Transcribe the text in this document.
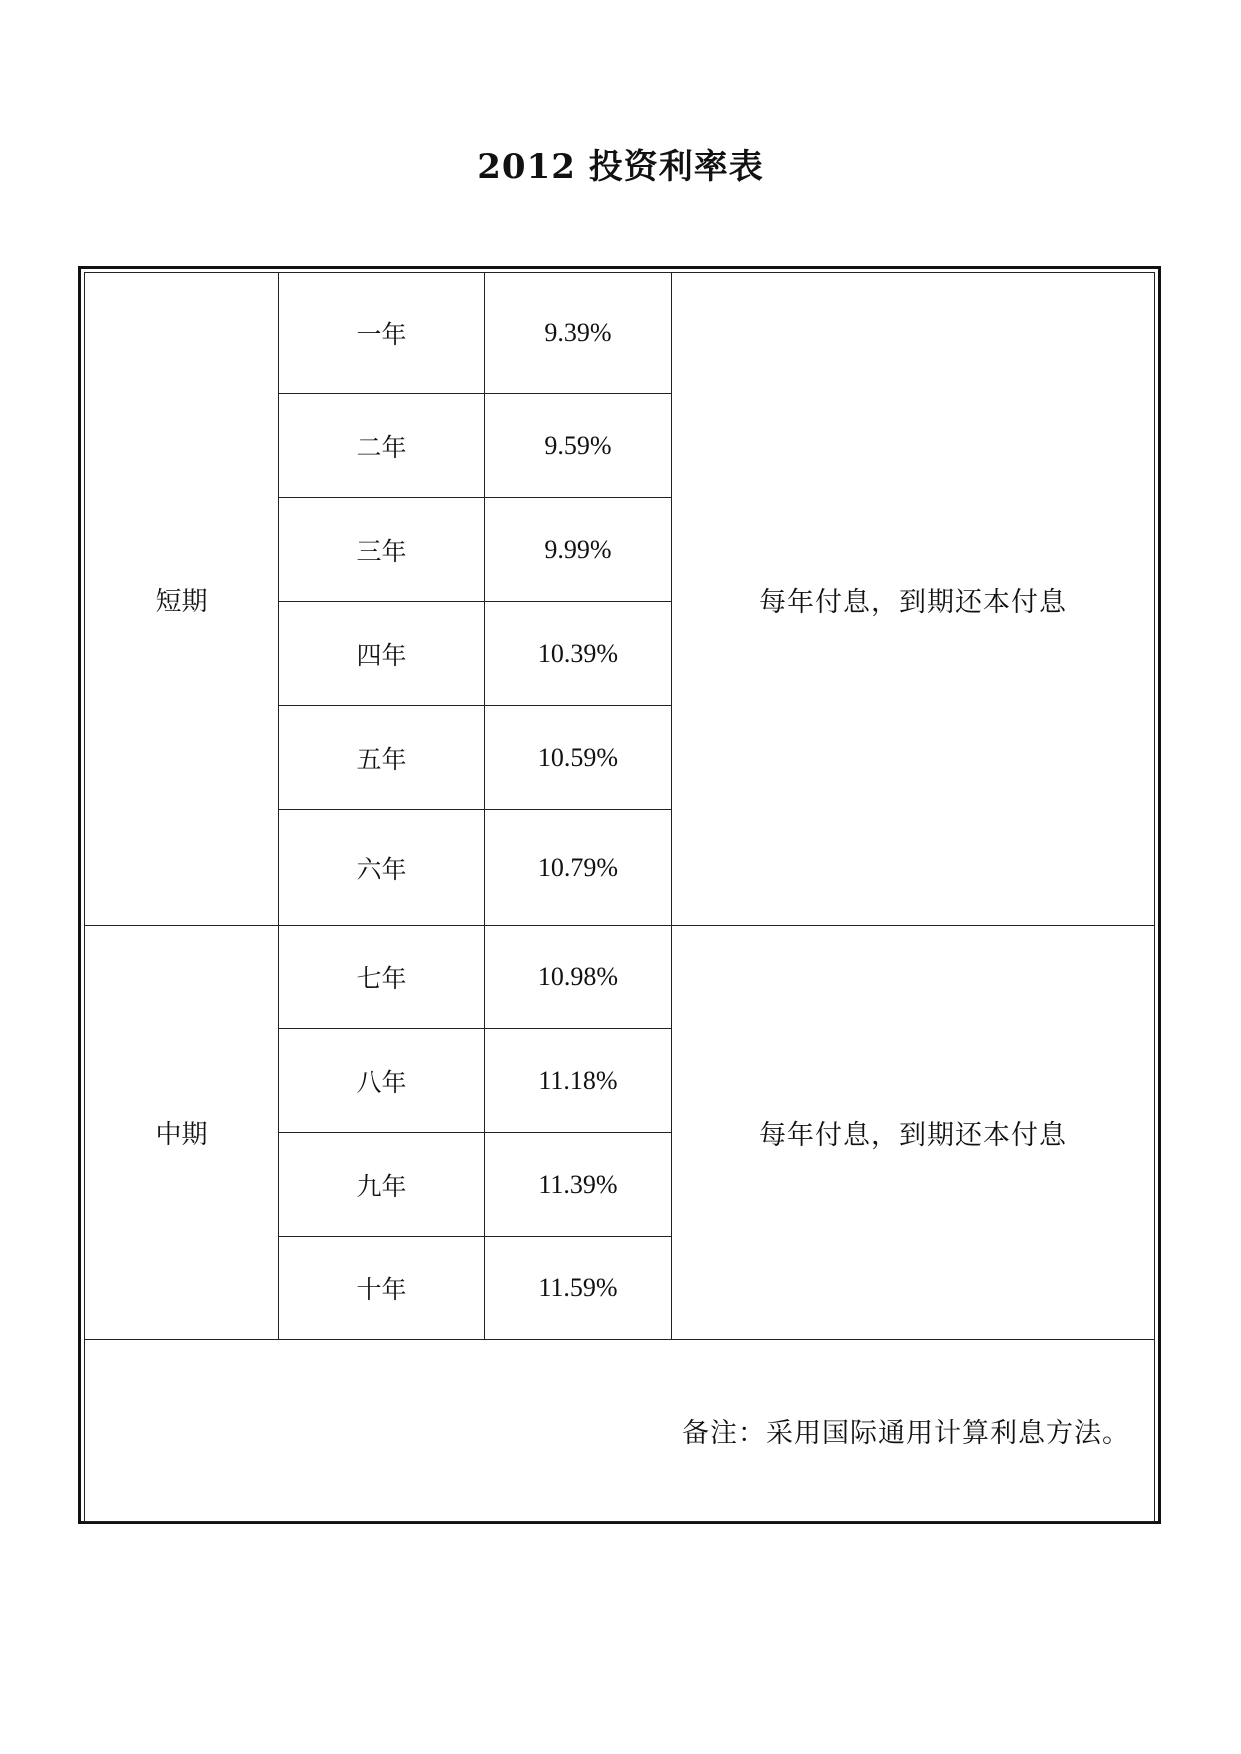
2012 投资利率表
短期	一年	9.39%	每年付息，到期还本付息
	二年	9.59%	
	三年	9.99%	
	四年	10.39%	
	五年	10.59%	
	六年	10.79%	
中期	七年	10.98%	每年付息，到期还本付息
	八年	11.18%	
	九年	11.39%	
	十年	11.59%	
备注：采用国际通用计算利息方法。			
